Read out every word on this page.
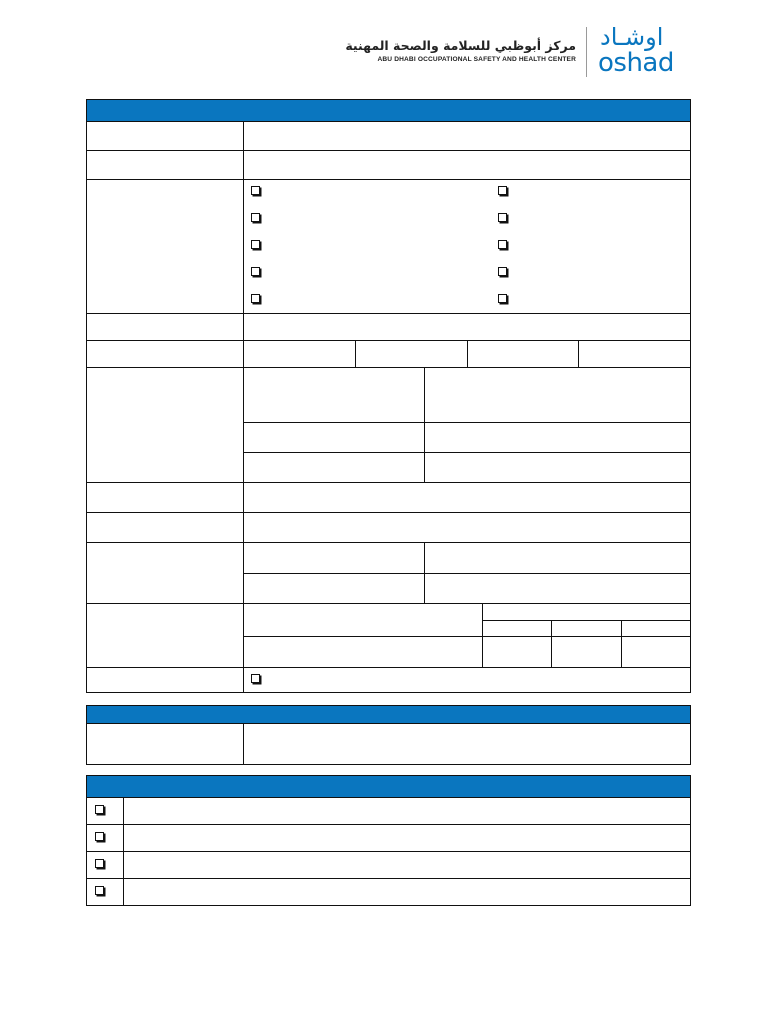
مركز أبوظبي للسلامة والصحة المهنية
ABU DHABI OCCUPATIONAL SAFETY AND HEALTH CENTER
اوشـاد
oshad
